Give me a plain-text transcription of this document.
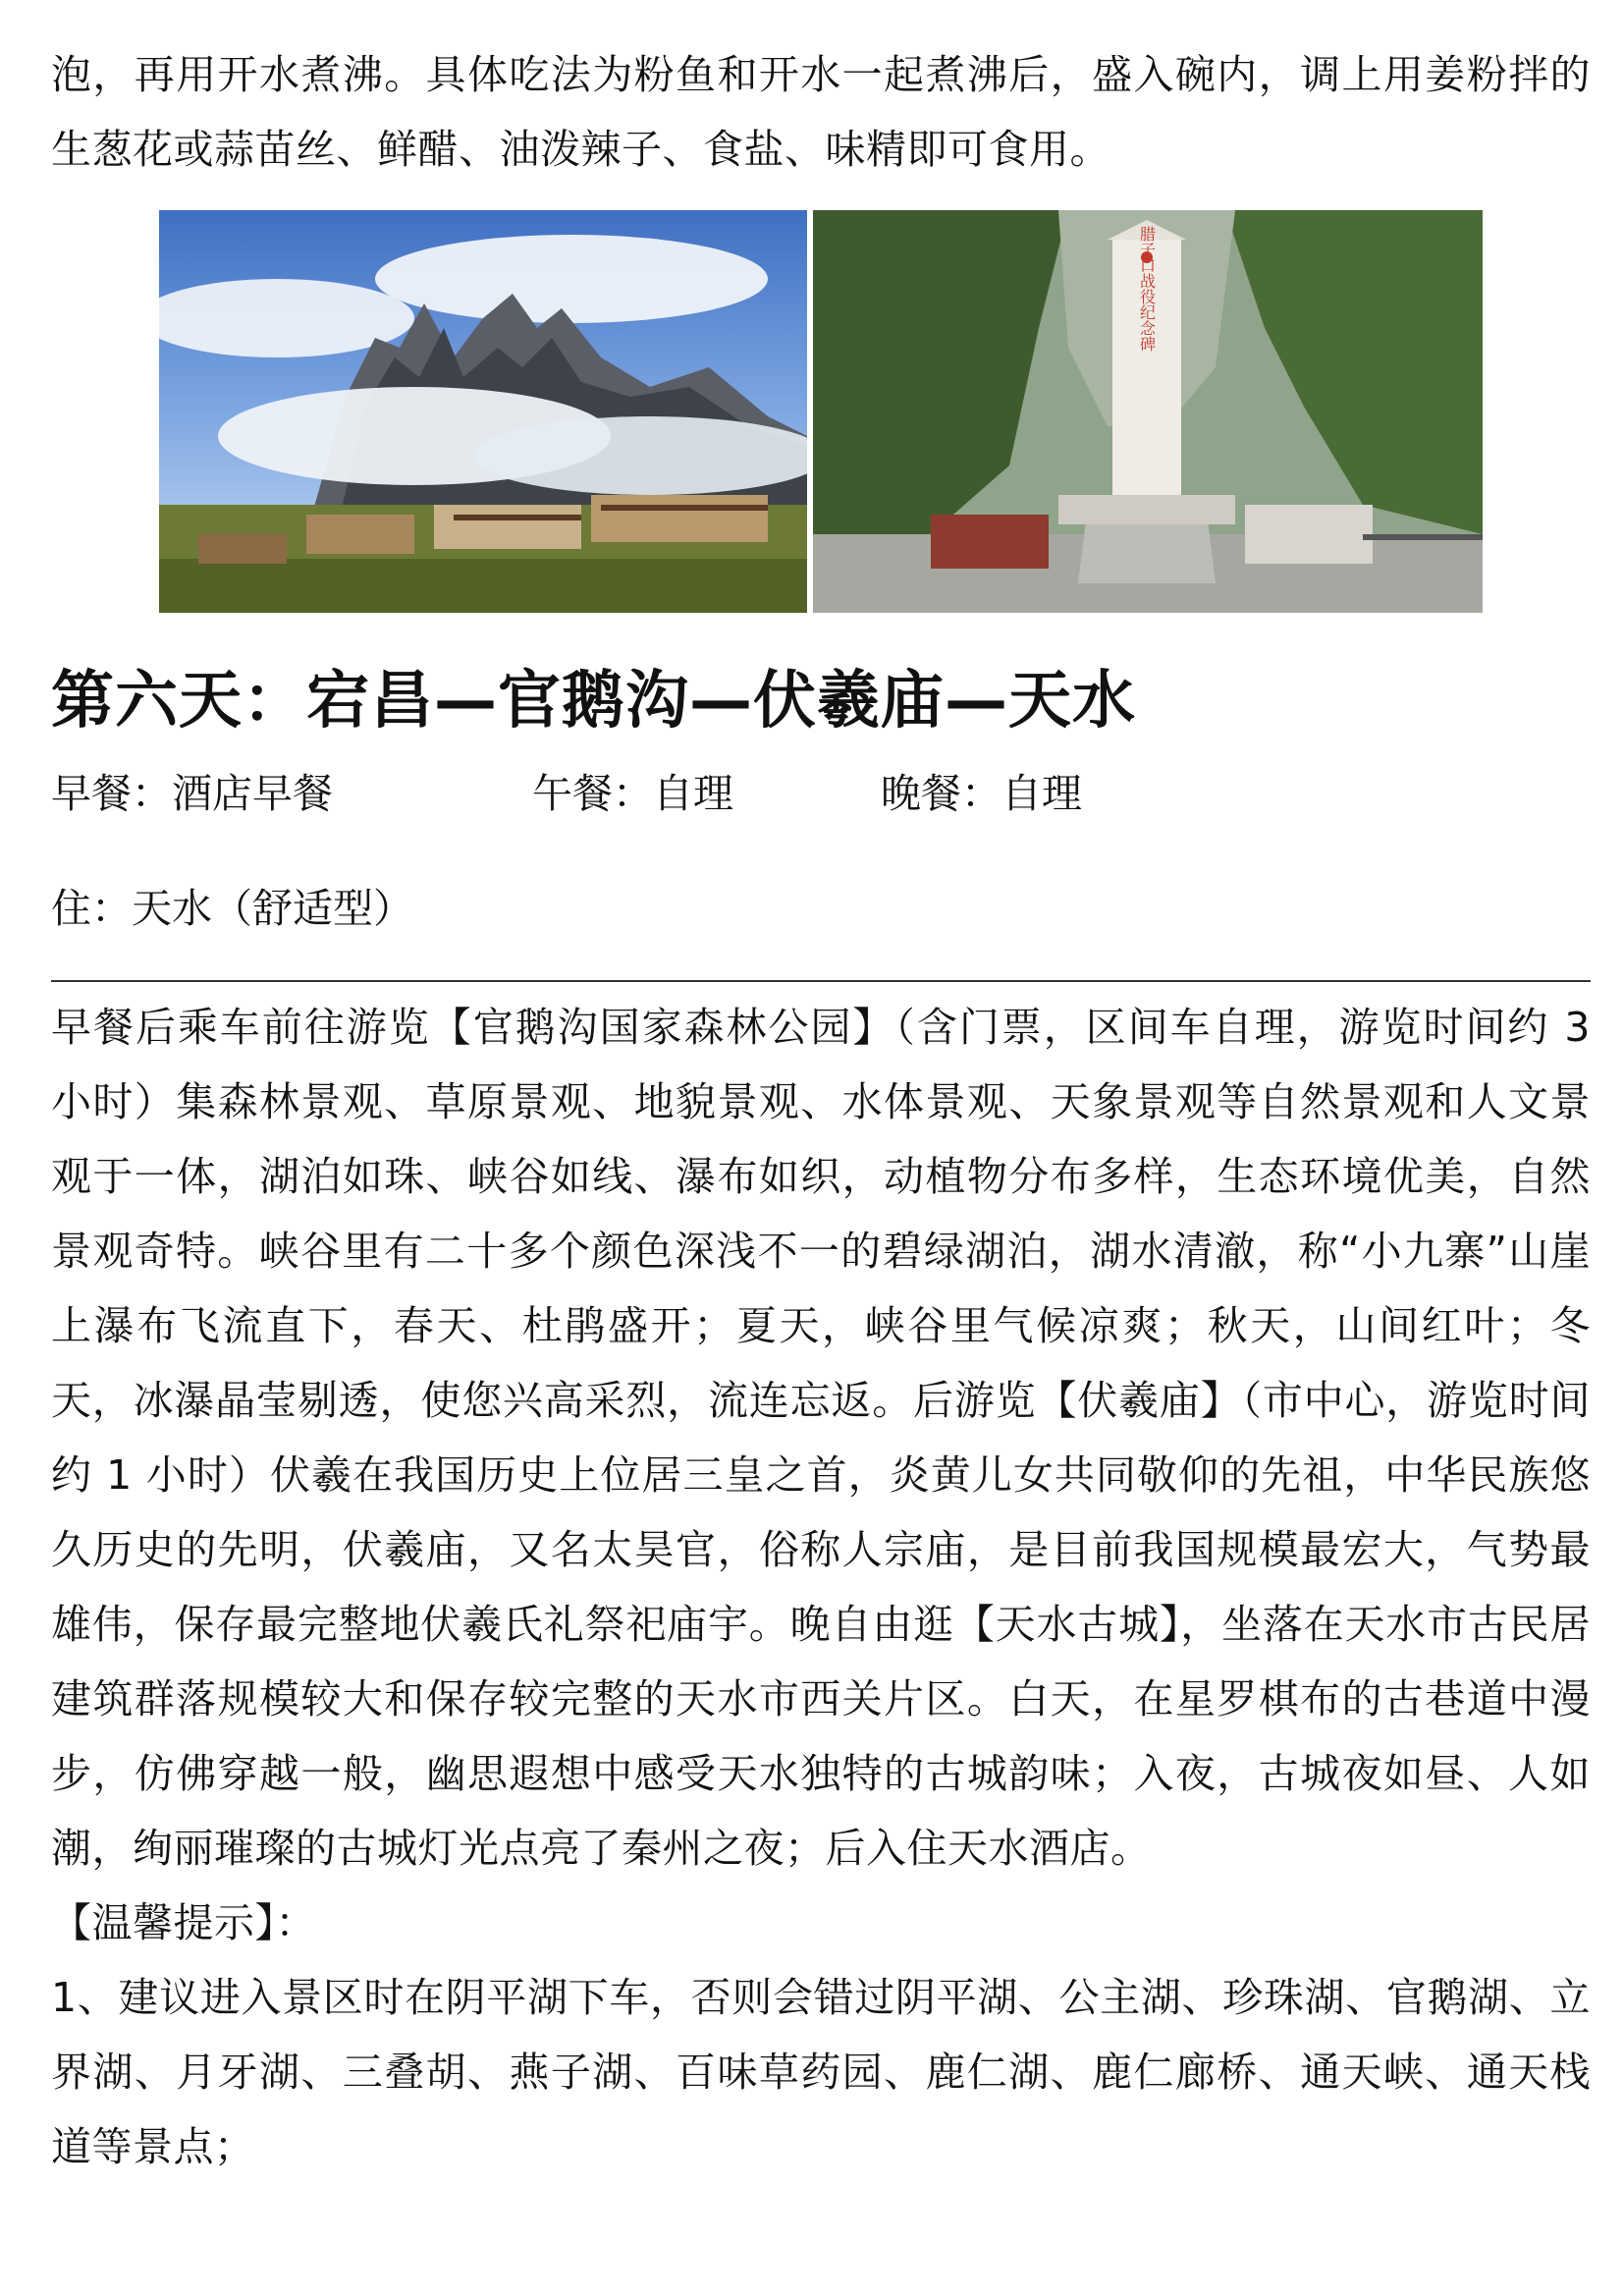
泡，再用开水煮沸。具体吃法为粉鱼和开水一起煮沸后，盛入碗内，调上用姜粉拌的生葱花或蒜苗丝、鲜醋、油泼辣子、食盐、味精即可食用。

腊子口战役纪念碑
第六天：宕昌—官鹅沟—伏羲庙—天水
早餐：酒店早餐	午餐：自理	晚餐：自理
住：天水（舒适型）

早餐后乘车前往游览【官鹅沟国家森林公园】（含门票，区间车自理，游览时间约 3 小时）集森林景观、草原景观、地貌景观、水体景观、天象景观等自然景观和人文景观于一体，湖泊如珠、峡谷如线、瀑布如织，动植物分布多样，生态环境优美，自然景观奇特。峡谷里有二十多个颜色深浅不一的碧绿湖泊，湖水清澈，称“小九寨”山崖上瀑布飞流直下，春天、杜鹃盛开；夏天，峡谷里气候凉爽；秋天，山间红叶；冬天，冰瀑晶莹剔透，使您兴高采烈，流连忘返。后游览【伏羲庙】（市中心，游览时间约 1 小时）伏羲在我国历史上位居三皇之首，炎黄儿女共同敬仰的先祖，中华民族悠久历史的先明，伏羲庙，又名太昊官，俗称人宗庙，是目前我国规模最宏大，气势最雄伟，保存最完整地伏羲氏礼祭祀庙宇。晚自由逛【天水古城】，坐落在天水市古民居建筑群落规模较大和保存较完整的天水市西关片区。白天，在星罗棋布的古巷道中漫步，仿佛穿越一般，幽思遐想中感受天水独特的古城韵味；入夜，古城夜如昼、人如潮，绚丽璀璨的古城灯光点亮了秦州之夜；后入住天水酒店。

【温馨提示】：

1、建议进入景区时在阴平湖下车，否则会错过阴平湖、公主湖、珍珠湖、官鹅湖、立界湖、月牙湖、三叠胡、燕子湖、百味草药园、鹿仁湖、鹿仁廊桥、通天峡、通天栈道等景点；
